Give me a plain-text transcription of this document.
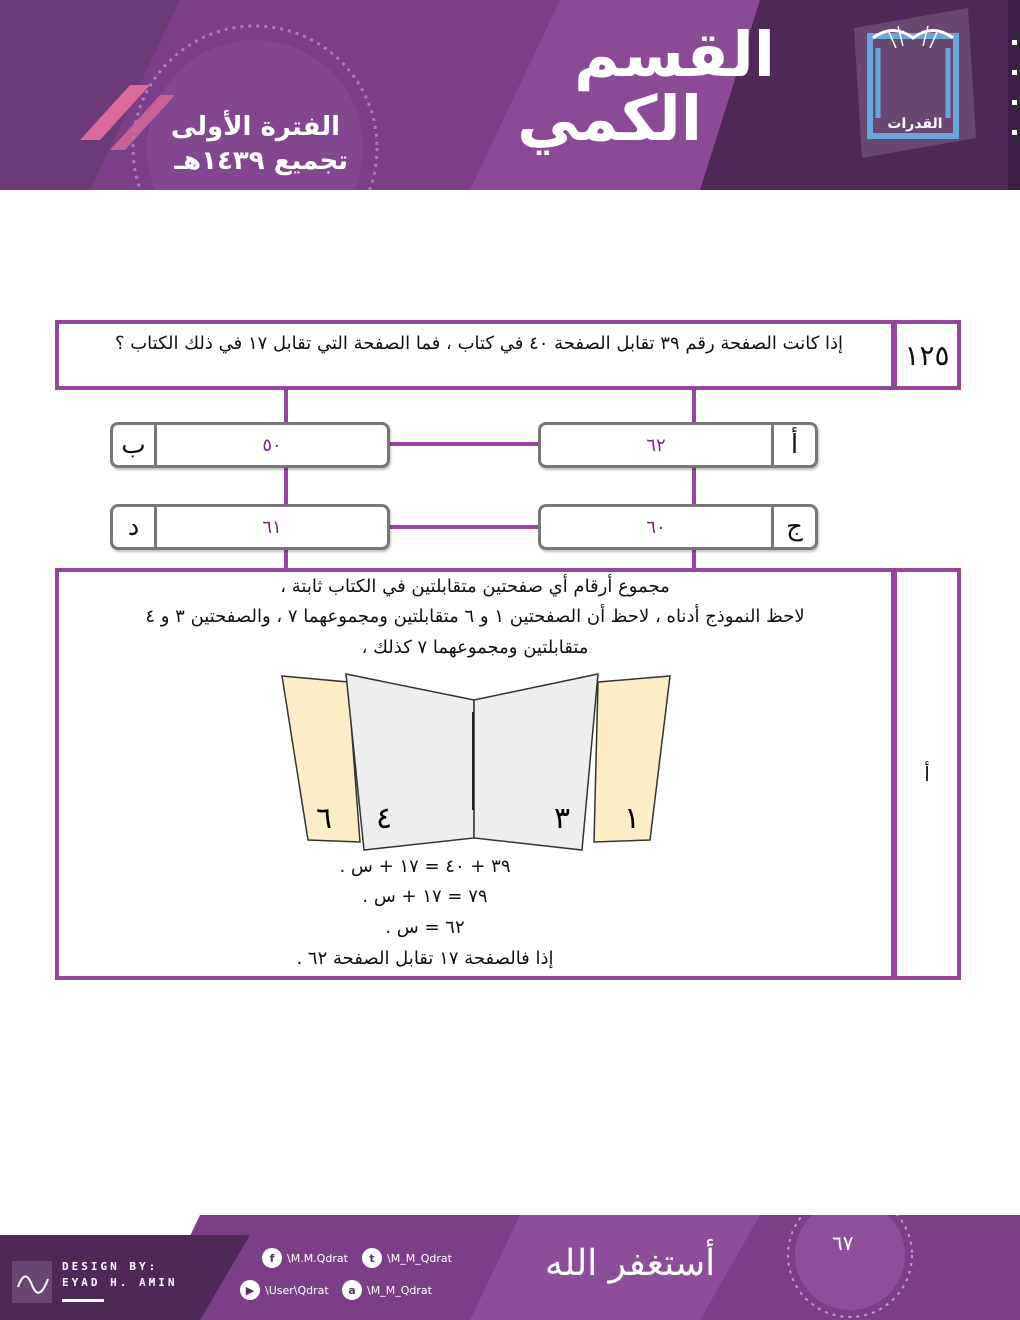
القدرات
القسم
الكمي
الفترة الأولى
تجميع ١٤٣٩هـ
إذا كانت الصفحة رقم ٣٩ تقابل الصفحة ٤٠ في كتاب ، فما الصفحة التي تقابل ١٧ في ذلك الكتاب ؟	١٢٥
٦٢	أ
ب	٥٠
٦٠	ج
د	٦١
أ
مجموع أرقام أي صفحتين متقابلتين في الكتاب ثابتة ،
لاحظ النموذج أدناه ، لاحظ أن الصفحتين ١ و ٦ متقابلتين ومجموعهما ٧ ، والصفحتين ٣ و ٤
متقابلتين ومجموعهما ٧ كذلك ،
٦ ٤	٣ ١
٣٩ + ٤٠ = ١٧ + س .
٧٩ = ١٧ + س .
٦٢ = س .
إذا فالصفحة ١٧ تقابل الصفحة ٦٢ .
DESIGN BY:
EYAD H. AMIN
f	\M.M.Qdrat	t	\M_M_Qdrat
▶ \User\Qdrat	a	\M_M_Qdrat
أستغفر الله	٦٧
